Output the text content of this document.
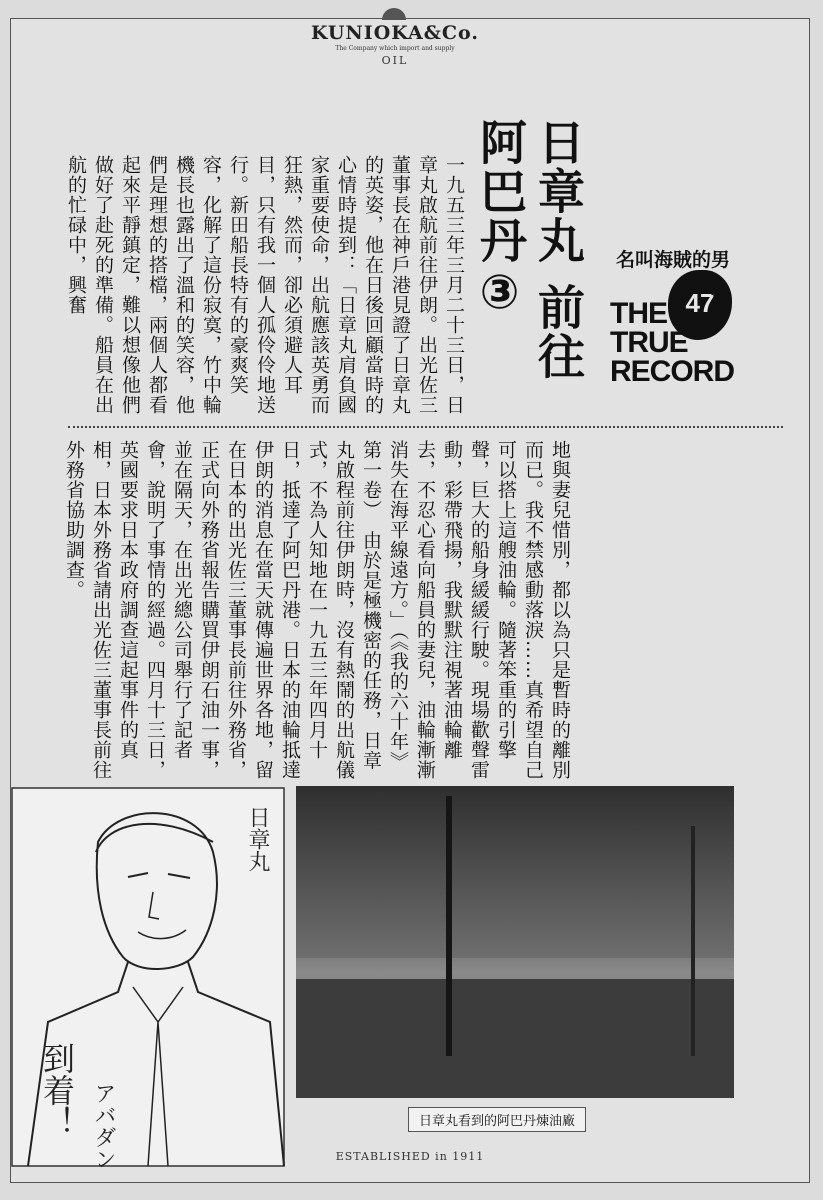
KUNIOKA&Co.
The Company which import and supply
OIL
日章丸 前往阿巴丹③	47
名叫海賊的男人
THE TRUE RECORD
一九五三年三月二十三日，日章丸啟航前往伊朗。出光佐三董事長在神戶港見證了日章丸的英姿，他在日後回顧當時的心情時提到：「日章丸肩負國家重要使命，出航應該英勇而狂熱，然而，卻必須避人耳目，只有我一個人孤伶伶地送行。新田船長特有的豪爽笑容，化解了這份寂寞，竹中輪機長也露出了溫和的笑容，他們是理想的搭檔，兩個人都看起來平靜鎮定，難以想像他們做好了赴死的準備。船員在出航的忙碌中，興奮
地與妻兒惜別，都以為只是暫時的離別而已。我不禁感動落淚……真希望自己可以搭上這艘油輪。隨著笨重的引擎聲，巨大的船身緩緩行駛。現場歡聲雷動，彩帶飛揚，我默默注視著油輪離去，不忍心看向船員的妻兒，油輪漸漸消失在海平線遠方。」（《我的六十年》第一卷）　由於是極機密的任務，日章丸啟程前往伊朗時，沒有熱鬧的出航儀式，不為人知地在一九五三年四月十日，抵達了阿巴丹港。日本的油輪抵達伊朗的消息在當天就傳遍世界各地，留在日本的出光佐三董事長前往外務省，正式向外務省報告購買伊朗石油一事，並在隔天，在出光總公司舉行了記者會，說明了事情的經過。四月十三日，英國要求日本政府調查這起事件的真相，日本外務省請出光佐三董事長前往外務省協助調查。
日章丸看到的阿巴丹煉油廠
日章丸
到着！ アバダン	ESTABLISHED in 1911
